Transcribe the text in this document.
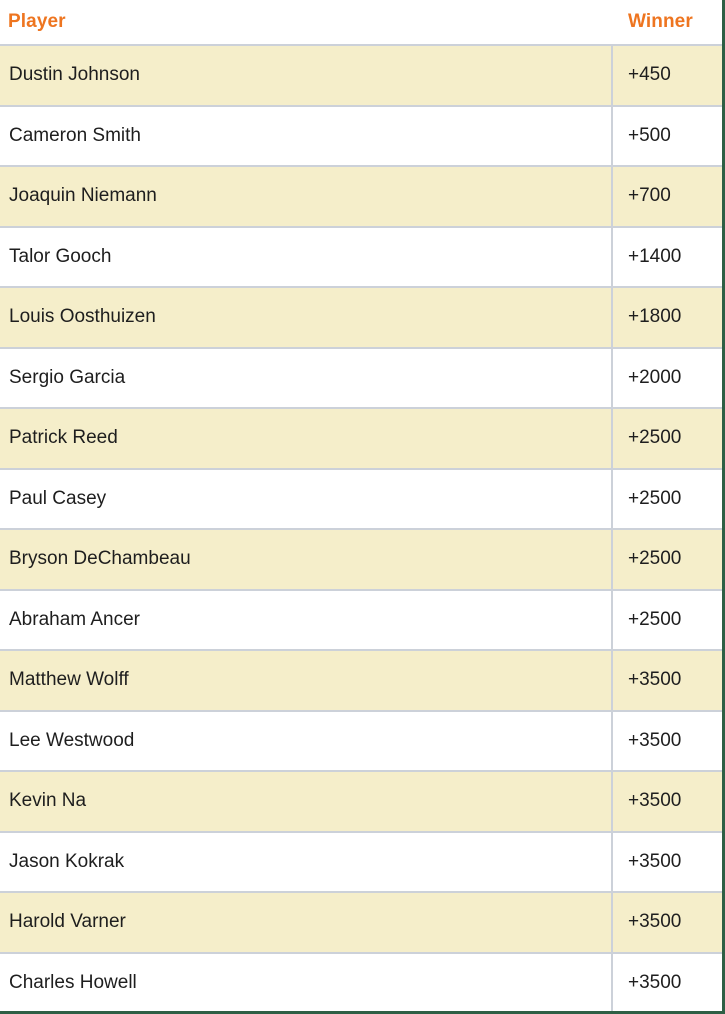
Player	Winner
Dustin Johnson	+450
Cameron Smith	+500
Joaquin Niemann	+700
Talor Gooch	+1400
Louis Oosthuizen	+1800
Sergio Garcia	+2000
Patrick Reed	+2500
Paul Casey	+2500
Bryson DeChambeau	+2500
Abraham Ancer	+2500
Matthew Wolff	+3500
Lee Westwood	+3500
Kevin Na	+3500
Jason Kokrak	+3500
Harold Varner	+3500
Charles Howell	+3500
